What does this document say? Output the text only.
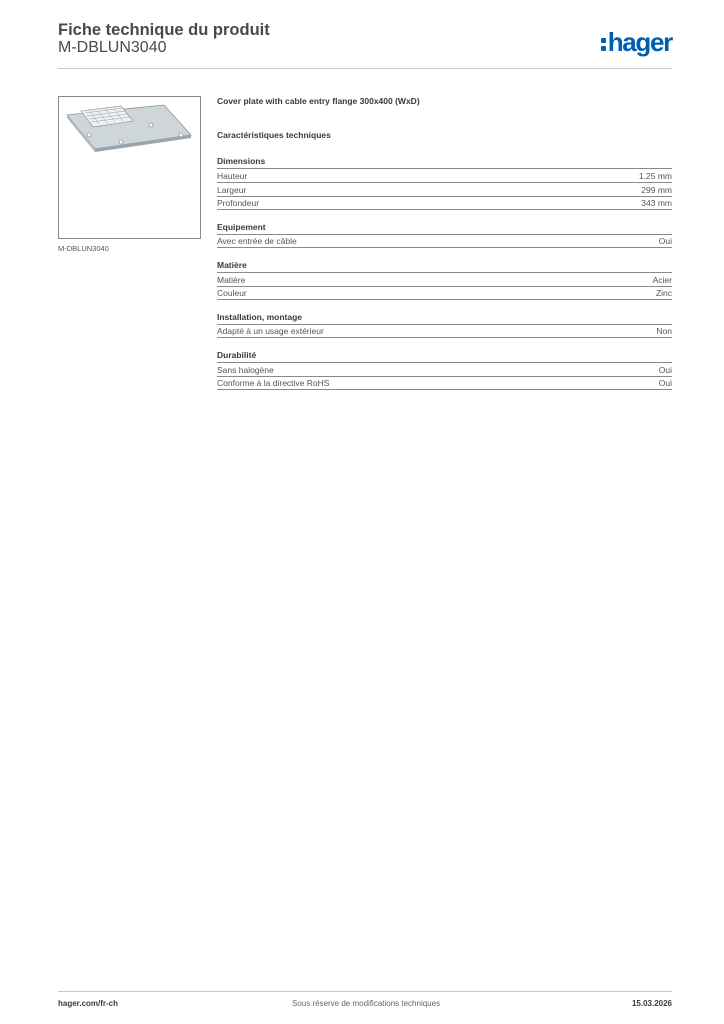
Fiche technique du produit
M-DBLUN3040	hager
M-DBLUN3040
Cover plate with cable entry flange 300x400 (WxD)
Caractéristiques techniques
Dimensions
Hauteur	1.25 mm
Largeur	299 mm
Profondeur	343 mm
Equipement
Avec entrée de câble	Oui
Matière
Matière	Acier
Couleur	Zinc
Installation, montage
Adapté à un usage extérieur	Non
Durabilité
Sans halogène	Oui
Conforme à la directive RoHS	Oui
hager.com/fr-ch	Sous réserve de modifications techniques	15.03.2026
